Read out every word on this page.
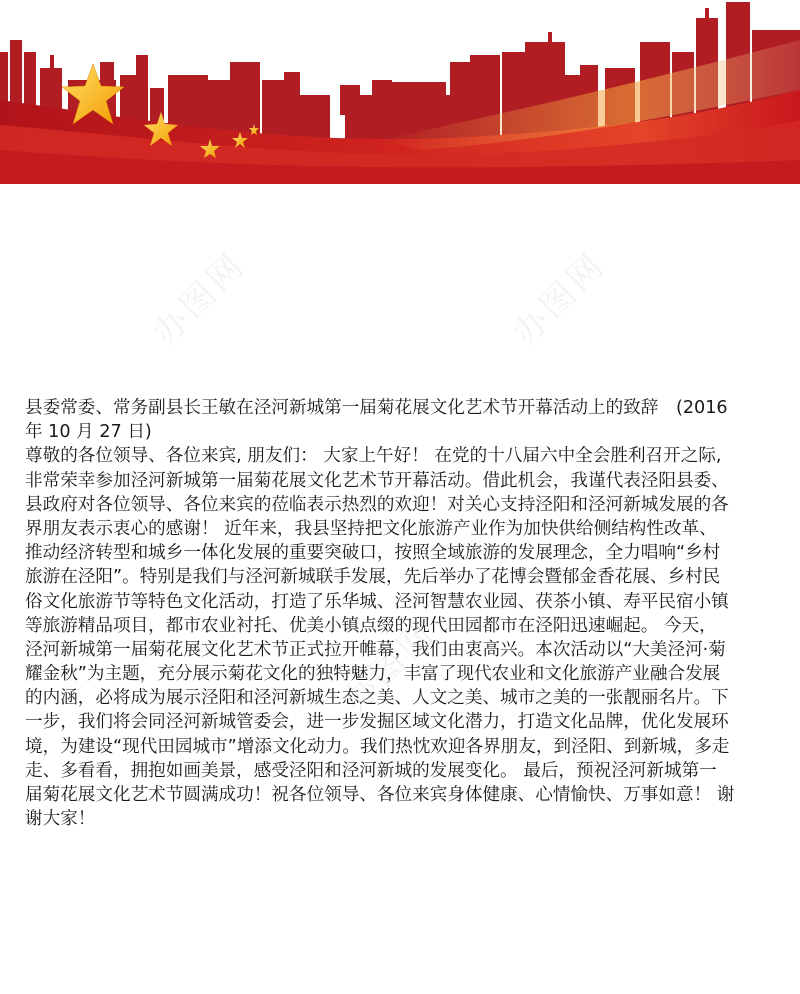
办图网	办图网
办图网
县委常委、常务副县长王敏在泾河新城第一届菊花展文化艺术节开幕活动上的致辞　(2016
年 10 月 27 日)
尊敬的各位领导、各位来宾, 朋友们： 大家上午好！ 在党的十八届六中全会胜利召开之际,
非常荣幸参加泾河新城第一届菊花展文化艺术节开幕活动。借此机会，我谨代表泾阳县委、
县政府对各位领导、各位来宾的莅临表示热烈的欢迎！对关心支持泾阳和泾河新城发展的各
界朋友表示衷心的感谢！ 近年来，我县坚持把文化旅游产业作为加快供给侧结构性改革、
推动经济转型和城乡一体化发展的重要突破口，按照全域旅游的发展理念，全力唱响“乡村
旅游在泾阳”。特别是我们与泾河新城联手发展，先后举办了花博会暨郁金香花展、乡村民
俗文化旅游节等特色文化活动，打造了乐华城、泾河智慧农业园、茯茶小镇、寿平民宿小镇
等旅游精品项目，都市农业衬托、优美小镇点缀的现代田园都市在泾阳迅速崛起。 今天，
泾河新城第一届菊花展文化艺术节正式拉开帷幕，我们由衷高兴。本次活动以“大美泾河·菊
耀金秋”为主题，充分展示菊花文化的独特魅力，丰富了现代农业和文化旅游产业融合发展
的内涵，必将成为展示泾阳和泾河新城生态之美、人文之美、城市之美的一张靓丽名片。下
一步，我们将会同泾河新城管委会，进一步发掘区域文化潜力，打造文化品牌，优化发展环
境，为建设“现代田园城市”增添文化动力。我们热忱欢迎各界朋友，到泾阳、到新城，多走
走、多看看，拥抱如画美景，感受泾阳和泾河新城的发展变化。 最后，预祝泾河新城第一
届菊花展文化艺术节圆满成功！祝各位领导、各位来宾身体健康、心情愉快、万事如意！ 谢
谢大家！
